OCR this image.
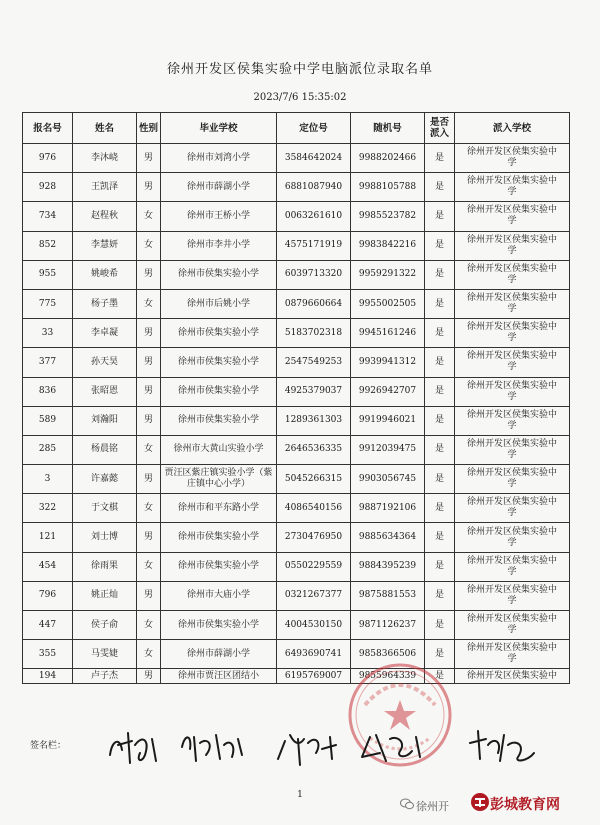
徐州开发区侯集实验中学电脑派位录取名单
2023/7/6 15:35:02
报名号	姓名	性别	毕业学校	定位号	随机号	是否派入	派入学校
976	李沐峣	男	徐州市刘湾小学	3584642024	9988202466	是	徐州开发区侯集实验中
学

928	王凯泽	男	徐州市薛湖小学	6881087940	9988105788	是	徐州开发区侯集实验中
学

734	赵程秋	女	徐州市王桥小学	0063261610	9985523782	是	徐州开发区侯集实验中
学

852	李慧妍	女	徐州市李井小学	4575171919	9983842216	是	徐州开发区侯集实验中
学

955	姚峻希	男	徐州市侯集实验小学	6039713320	9959291322	是	徐州开发区侯集实验中
学

775	杨子墨	女	徐州市后姚小学	0879660664	9955002505	是	徐州开发区侯集实验中
学

33	李卓凝	男	徐州市侯集实验小学	5183702318	9945161246	是	徐州开发区侯集实验中
学

377	孙天昊	男	徐州市侯集实验小学	2547549253	9939941312	是	徐州开发区侯集实验中
学

836	张昭恩	男	徐州市侯集实验小学	4925379037	9926942707	是	徐州开发区侯集实验中
学

589	刘瀚阳	男	徐州市侯集实验小学	1289361303	9919946021	是	徐州开发区侯集实验中
学

285	杨晨铭	女	徐州市大黄山实验小学	2646536335	9912039475	是	徐州开发区侯集实验中
学

3	许嘉懿	男	贾汪区紫庄镇实验小学（紫庄镇中心小学）	5045266315	9903056745	是	徐州开发区侯集实验中
学

322	于文棋	女	徐州市和平东路小学	4086540156	9887192106	是	徐州开发区侯集实验中
学

121	刘士博	男	徐州市侯集实验小学	2730476950	9885634364	是	徐州开发区侯集实验中
学

454	徐雨果	女	徐州市侯集实验小学	0550229559	9884395239	是	徐州开发区侯集实验中
学

796	姚正灿	男	徐州市大庙小学	0321267377	9875881553	是	徐州开发区侯集实验中
学

447	侯子俞	女	徐州市侯集实验小学	4004530150	9871126237	是	徐州开发区侯集实验中
学

355	马雯婕	女	徐州市薛湖小学	6493690741	9858366506	是	徐州开发区侯集实验中
学

194	卢子杰	男	徐州市贾汪区团结小	6195769007	9855964339	是	徐州开发区侯集实验中
签名栏：
1
徐州开	彭城教育网
